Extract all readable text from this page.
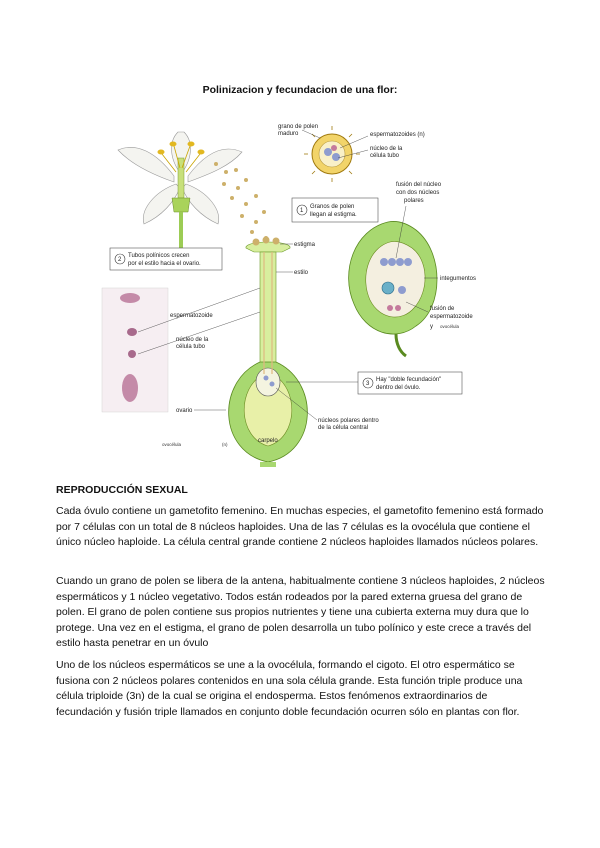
Polinizacion y fecundacion de una flor:
grano de polen
maduro	espermatozoides (n)
núcleo de la
célula tubo
1
Granos de polen
llegan al estigma.
2
Tubos polínicos crecen
por el estilo hacia el ovario.
estigma
estilo
espermatozoide
núcleo de la
célula tubo
ovario
ovocélula	(n)
carpelo
núcleos polares dentro
de la célula central
fusión del núcleo
con dos núcleos
polares
integumentos
fusión de
espermatozoide
y ovocélula
3
Hay "doble fecundación"
dentro del óvulo.
REPRODUCCIÓN SEXUAL

Cada óvulo contiene un gametofito femenino. En muchas especies, el gametofito femenino está formado por 7 células con un total de 8 núcleos haploides. Una de las 7 células es la ovocélula que contiene el único núcleo haploide. La célula central grande contiene 2 núcleos haploides llamados núcleos polares.

Cuando un grano de polen se libera de la antena, habitualmente contiene 3 núcleos haploides, 2 núcleos espermáticos y 1 núcleo vegetativo. Todos están rodeados por la pared externa gruesa del grano de polen. El grano de polen contiene sus propios nutrientes y tiene una cubierta externa muy dura que lo protege. Una vez en el estigma, el grano de polen desarrolla un tubo polínico y este crece a través del estilo hasta penetrar en un óvulo

Uno de los núcleos espermáticos se une a la ovocélula, formando el cigoto. El otro espermático se fusiona con 2 núcleos polares contenidos en una sola célula grande. Esta función triple produce una célula triploide (3n) de la cual se origina el endosperma. Estos fenómenos extraordinarios de fecundación y fusión triple llamados en conjunto doble fecundación ocurren sólo en plantas con flor.
